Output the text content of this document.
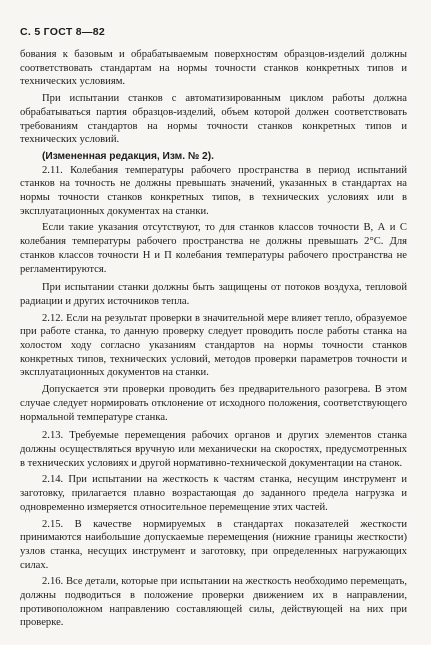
С. 5 ГОСТ 8—82

бования к базовым и обрабатываемым поверхностям образцов-изделий должны соответствовать стандартам на нормы точности станков конкретных типов и технических условиям.

При испытании станков с автоматизированным циклом работы должна обрабатываться партия образцов-изделий, объем которой должен соответствовать требованиям стандартов на нормы точности станков конкретных типов и технических условий.

(Измененная редакция, Изм. № 2).

2.11. Колебания температуры рабочего пространства в период испытаний станков на точность не должны превышать значений, указанных в стандартах на нормы точности станков конкретных типов, в технических условиях или в эксплуатационных документах на станки.

Если такие указания отсутствуют, то для станков классов точности В, А и С колебания температуры рабочего пространства не должны превышать 2°С. Для станков классов точности Н и П колебания температуры рабочего пространства не регламентируются.

При испытании станки должны быть защищены от потоков воздуха, тепловой радиации и других источников тепла.

2.12. Если на результат проверки в значительной мере влияет тепло, образуемое при работе станка, то данную проверку следует проводить после работы станка на холостом ходу согласно указаниям стандартов на нормы точности станков конкретных типов, технических условий, методов проверки параметров точности и эксплуатационных документов на станки.

Допускается эти проверки проводить без предварительного разогрева. В этом случае следует нормировать отклонение от исходного положения, соответствующего нормальной температуре станка.

2.13. Требуемые перемещения рабочих органов и других элементов станка должны осуществляться вручную или механически на скоростях, предусмотренных в технических условиях и другой нормативно-технической документации на станок.

2.14. При испытании на жесткость к частям станка, несущим инструмент и заготовку, прилагается плавно возрастающая до заданного предела нагрузка и одновременно измеряется относительное перемещение этих частей.

2.15. В качестве нормируемых в стандартах показателей жесткости принимаются наибольшие допускаемые перемещения (нижние границы жесткости) узлов станка, несущих инструмент и заготовку, при определенных нагружающих силах.

2.16. Все детали, которые при испытании на жесткость необходимо перемещать, должны подводиться в положение проверки движением их в направлении, противоположном направлению составляющей силы, действующей на них при проверке.
